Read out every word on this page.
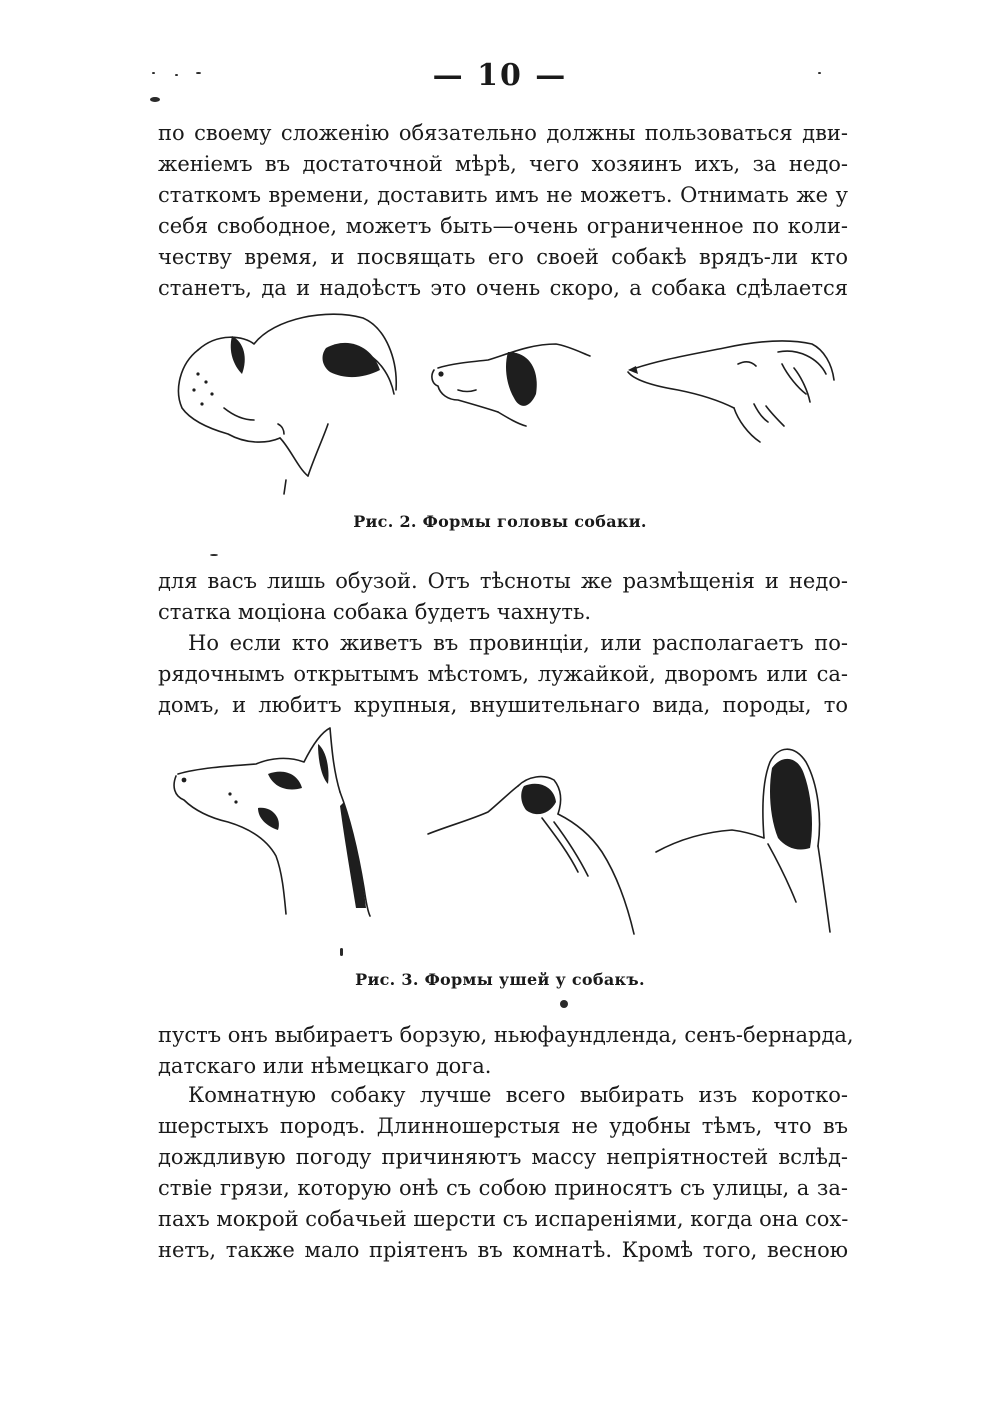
— 10 —
по своему сложенію обязательно должны пользоваться дви-
женіемъ въ достаточной мѣрѣ, чего хозяинъ ихъ, за недо-
статкомъ времени, доставить имъ не можетъ. Отнимать же у
себя свободное, можетъ быть—очень ограниченное по коли-
честву время, и посвящать его своей собакѣ врядъ-ли кто
станетъ, да и надоѣстъ это очень скоро, а собака сдѣлается
Рис. 2. Формы головы собаки.
для васъ лишь обузой. Отъ тѣсноты же размѣщенія и недо-
статка моціона собака будетъ чахнуть.
Но если кто живетъ въ провинціи, или располагаетъ по-
рядочнымъ открытымъ мѣстомъ, лужайкой, дворомъ или са-
домъ, и любитъ крупныя, внушительнаго вида, породы, то
Рис. 3. Формы ушей у собакъ.
пустъ онъ выбираетъ борзую, ньюфаундленда, сенъ-бернарда,
датскаго или нѣмецкаго дога.
Комнатную собаку лучше всего выбирать изъ коротко-
шерстыхъ породъ. Длинношерстыя не удобны тѣмъ, что въ
дождливую погоду причиняютъ массу непріятностей вслѣд-
ствіе грязи, которую онѣ съ собою приносятъ съ улицы, а за-
пахъ мокрой собачьей шерсти съ испареніями, когда она сох-
нетъ, также мало пріятенъ въ комнатѣ. Кромѣ того, весною
